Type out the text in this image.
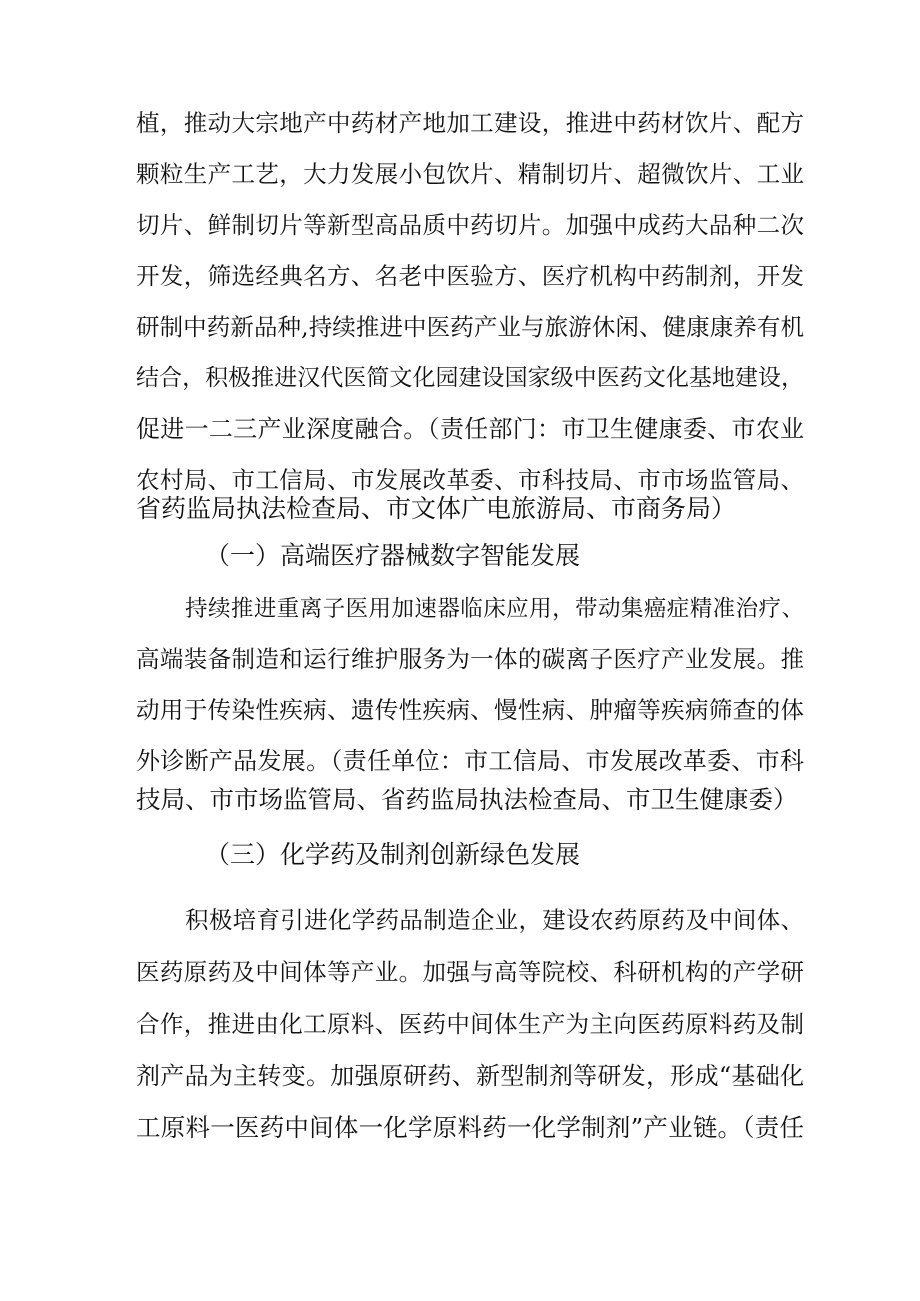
植，推动大宗地产中药材产地加工建设，推进中药材饮片、配方
颗粒生产工艺，大力发展小包饮片、精制切片、超微饮片、工业
切片、鲜制切片等新型高品质中药切片。加强中成药大品种二次
开发，筛选经典名方、名老中医验方、医疗机构中药制剂，开发
研制中药新品种,持续推进中医药产业与旅游休闲、健康康养有机
结合，积极推进汉代医简文化园建设国家级中医药文化基地建设，
促进一二三产业深度融合。（责任部门：市卫生健康委、市农业
农村局、市工信局、市发展改革委、市科技局、市市场监管局、
省药监局执法检查局、市文体广电旅游局、市商务局）
（一）高端医疗器械数字智能发展
持续推进重离子医用加速器临床应用，带动集癌症精准治疗、
高端装备制造和运行维护服务为一体的碳离子医疗产业发展。推
动用于传染性疾病、遗传性疾病、慢性病、肿瘤等疾病筛查的体
外诊断产品发展。（责任单位：市工信局、市发展改革委、市科
技局、市市场监管局、省药监局执法检查局、市卫生健康委）
（三）化学药及制剂创新绿色发展
积极培育引进化学药品制造企业，建设农药原药及中间体、
医药原药及中间体等产业。加强与高等院校、科研机构的产学研
合作，推进由化工原料、医药中间体生产为主向医药原料药及制
剂产品为主转变。加强原研药、新型制剂等研发，形成“基础化
工原料一医药中间体一化学原料药一化学制剂”产业链。（责任
